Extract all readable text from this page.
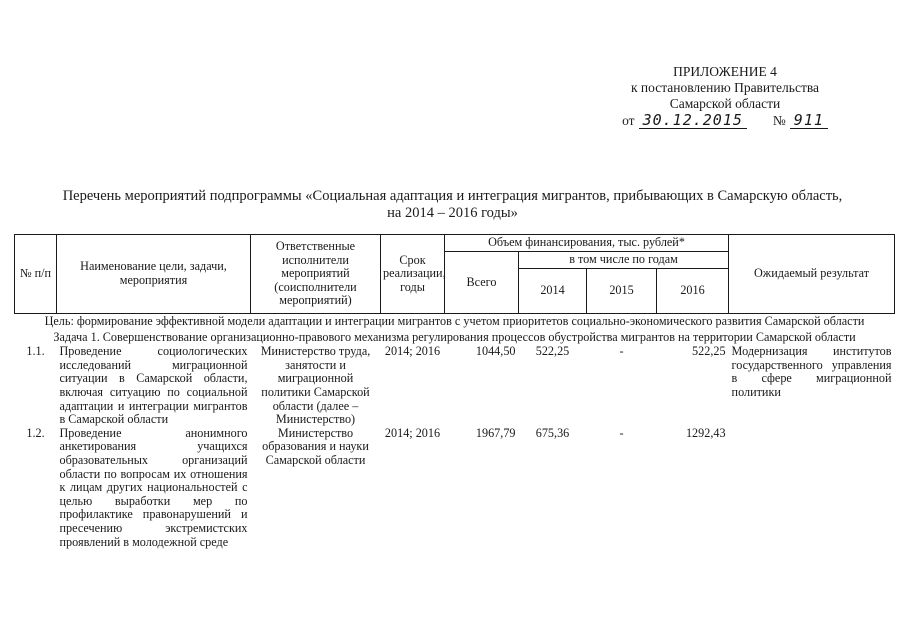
ПРИЛОЖЕНИЕ 4
к постановлению Правительства
Самарской области
от 30.12.2015 № 911
Перечень мероприятий подпрограммы «Социальная адаптация и интеграция мигрантов, прибывающих в Самарскую область,
на 2014 – 2016 годы»
№ п/п	Наименование цели, задачи, мероприятия	Ответственные исполнители мероприятий (соисполнители мероприятий)	Срок реализации, годы	Объем финансирования, тыс. рублей*				Ожидаемый результат
				Всего	в том числе по годам			
					2014	2015	2016	
Цель: формирование эффективной модели адаптации и интеграции мигрантов с учетом приоритетов социально-экономического развития Самарской области								
Задача 1. Совершенствование организационно-правового механизма регулирования процессов обустройства мигрантов на территории Самарской области								
1.1.	Проведение социологических исследований миграционной ситуации в Самарской области, включая ситуацию по социальной адаптации и интеграции мигрантов в Самарской области	Министерство труда, занятости и миграционной политики Самарской области (далее – Министерство)	2014; 2016	1044,50	522,25	-	522,25	Модернизация институтов государственного управления в сфере миграционной политики
1.2.	Проведение анонимного анкетирования учащихся образовательных организаций области по вопросам их отношения к лицам других национальностей с целью выработки мер по профилактике правонарушений и пресечению экстремистских проявлений в молодежной среде	Министерство образования и науки Самарской области	2014; 2016	1967,79	675,36	-	1292,43	
